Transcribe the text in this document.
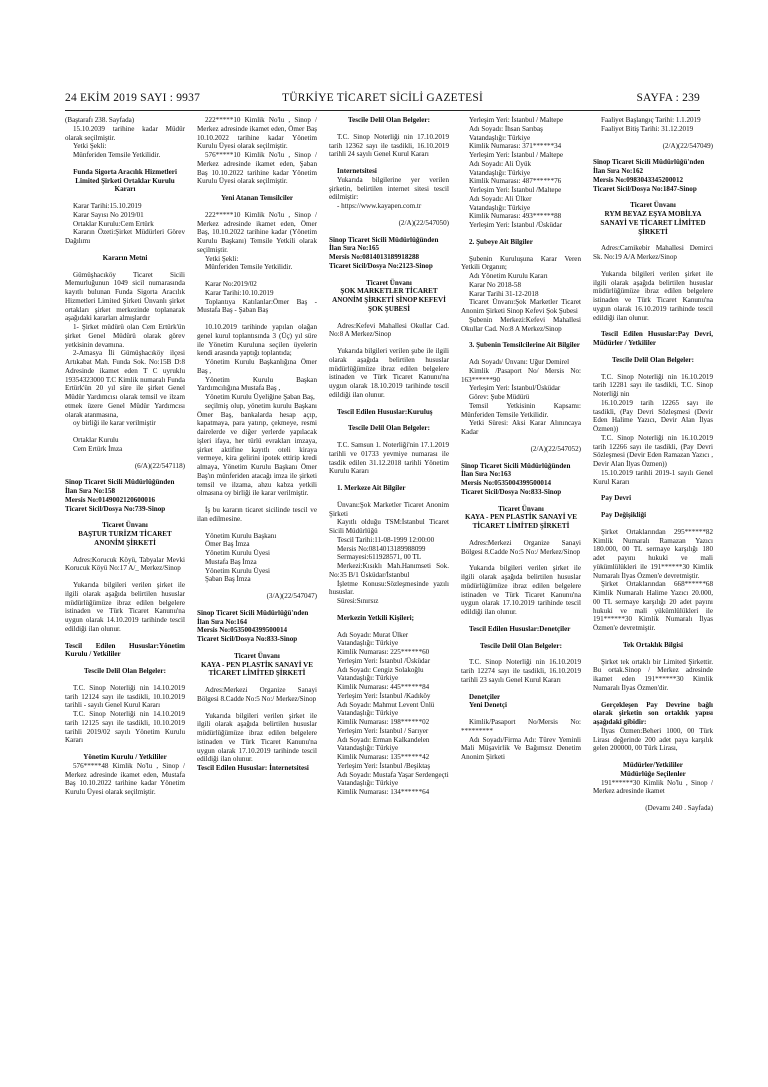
24 EKİM 2019 SAYI : 9937	TÜRKİYE TİCARET SİCİLİ GAZETESİ	SAYFA : 239
(Baştarafı 238. Sayfada)
15.10.2039 tarihine kadar Müdür olarak seçilmiştir.
Yetki Şekli:
Münferiden Temsile Yetkilidir.
Funda Sigorta Aracılık Hizmetleri Limited Şirketi Ortaklar Kurulu Kararı
Karar Tarihi:15.10.2019
Karar Sayısı No 2019/01
Ortaklar Kurulu:Cem Ertürk
Kararın Özeti:Şirket Müdürleri Görev Dağılımı
Kararın Metni
Gümüşhacıköy Ticaret Sicili Memurluğunun 1049 sicil numarasında kayıtlı bulunan Funda Sigorta Aracılık Hizmetleri Limited Şirketi Ünvanlı şirket ortakları şirket merkezinde toplanarak aşağıdaki kararları almışlardır
1- Şirket müdürü olan Cem Ertürk'ün şirket Genel Müdürü olarak görev yetkisinin devamına.
2-Amasya İli Gümüşhacıköy ilçesi Artıkabat Mah. Funda Sok. No:15B D:8 Adresinde ikamet eden T C uyruklu 19354323000 T.C Kimlik numaralı Funda Ertürk'ün 20 yıl süre ile şirket Genel Müdür Yardımcısı olarak temsil ve ilzam etmek üzere Genel Müdür Yardımcısı olarak atanmasına,
oy birliği ile karar verilmiştir
Ortaklar Kurulu
Cem Ertürk İmza
(6/A)(22/547118)
Sinop Ticaret Sicili Müdürlüğünden
İlan Sıra No:158
Mersis No:0149002120600016
Ticaret Sicil/Dosya No:739-Sinop
Ticaret Ünvanı
BAŞTUR TURİZM TİCARET ANONİM ŞİRKETİ
Adres:Korucuk Köyü, Tabyalar Mevki Korucuk Köyü No:17 A/_ Merkez/Sinop
Yukarıda bilgileri verilen şirket ile ilgili olarak aşağıda belirtilen hususlar müdürlüğümüze ibraz edilen belgelere istinaden ve Türk Ticaret Kanunu'na uygun olarak 14.10.2019 tarihinde tescil edildiği ilan olunur.
Tescil Edilen Hususlar:Yönetim Kurulu / Yetkililer
Tescile Delil Olan Belgeler:
T.C. Sinop Noterliği nin 14.10.2019 tarih 12124 sayı ile tasdikli, 10.10.2019 tarihli - sayılı Genel Kurul Kararı
T.C. Sinop Noterliği nin 14.10.2019 tarih 12125 sayı ile tasdikli, 10.10.2019 tarihli 2019/02 sayılı Yönetim Kurulu Kararı
Yönetim Kurulu / Yetkililer
576*****48 Kimlik No'lu , Sinop / Merkez adresinde ikamet eden, Mustafa Baş 10.10.2022 tarihine kadar Yönetim Kurulu Üyesi olarak seçilmiştir.
222*****10 Kimlik No'lu , Sinop / Merkez adresinde ikamet eden, Ömer Baş 10.10.2022 tarihine kadar Yönetim Kurulu Üyesi olarak seçilmiştir.
576*****10 Kimlik No'lu , Sinop / Merkez adresinde ikamet eden, Şaban Baş 10.10.2022 tarihine kadar Yönetim Kurulu Üyesi olarak seçilmiştir.
Yeni Atanan Temsilciler
222*****10 Kimlik No'lu , Sinop / Merkez adresinde ikamet eden, Ömer Baş, 10.10.2022 tarihine kadar (Yönetim Kurulu Başkanı) Temsile Yetkili olarak seçilmiştir.
Yetki Şekli:
Münferiden Temsile Yetkilidir.
Karar No:2019/02
Karar Tarihi:10.10.2019
Toplantıya Katılanlar:Ömer Baş - Mustafa Baş - Şaban Baş
10.10.2019 tarihinde yapılan olağan genel kurul toplantısında 3 (Üç) yıl süre ile Yönetim Kuruluna seçilen üyelerin kendi arasında yaptığı toplantıda;
Yönetim Kurulu Başkanlığına Ömer Baş ,
Yönetim Kurulu Başkan Yardımcılığına Mustafa Baş ,
Yönetim Kurulu Üyeliğine Şaban Baş,
seçilmiş olup, yönetim kurulu Başkanı Ömer Baş, bankalarda hesap açıp, kapatmaya, para yatırıp, çekmeye, resmi dairelerde ve diğer yerlerde yapılacak işleri ifaya, her türlü evrakları imzaya, şirket aktifine kayıtlı oteli kiraya vermeye, kira gelirini ipotek ettirip kredi almaya, Yönetim Kurulu Başkanı Ömer Baş'ın münferiden atacağı imza ile şirketi temsil ve ilzama, ahzu kabza yetkili olmasına oy birliği ile karar verilmiştir.
İş bu kararın ticaret sicilinde tescil ve ilan edilmesine.
Yönetim Kurulu Başkanı
Ömer Baş İmza
Yönetim Kurulu Üyesi
Mustafa Baş İmza
Yönetim Kurulu Üyesi
Şaban Baş İmza
(3/A)(22/547047)
Sinop Ticaret Sicili Müdürlüğü'nden
İlan Sıra No:164
Mersis No:0535004399500014
Ticaret Sicil/Dosya No:833-Sinop
Ticaret Ünvanı
KAYA - PEN PLASTİK SANAYİ VE TİCARET LİMİTED ŞİRKETİ
Adres:Merkezi Organize Sanayi Bölgesi 8.Cadde No:5 No:/ Merkez/Sinop
Yukarıda bilgileri verilen şirket ile ilgili olarak aşağıda belirtilen hususlar müdürlüğümüze ibraz edilen belgelere istinaden ve Türk Ticaret Kanunu'na uygun olarak 17.10.2019 tarihinde tescil edildiği ilan olunur.
Tescil Edilen Hususlar: İnternetsitesi
Tescile Delil Olan Belgeler:
T.C. Sinop Noterliği nin 17.10.2019 tarih 12362 sayı ile tasdikli, 16.10.2019 tarihli 24 sayılı Genel Kurul Kararı
Internetsitesi
Yukarıda bilgilerine yer verilen şirketin, belirtilen internet sitesi tescil edilmiştir:
- https://www.kayapen.com.tr
(2/A)(22/547050)
Sinop Ticaret Sicili Müdürlüğünden
İlan Sıra No:165
Mersis No:0814013189918288
Ticaret Sicil/Dosya No:2123-Sinop
Ticaret Ünvanı
ŞOK MARKETLER TİCARET ANONİM ŞİRKETİ SİNOP KEFEVİ ŞOK ŞUBESİ
Adres:Kefevi Mahallesi Okullar Cad. No:8 A Merkez/Sinop
Yukarıda bilgileri verilen şube ile ilgili olarak aşağıda belirtilen hususlar müdürlüğümüze ibraz edilen belgelere istinaden ve Türk Ticaret Kanunu'na uygun olarak 18.10.2019 tarihinde tescil edildiği ilan olunur.
Tescil Edilen Hususlar:Kuruluş
Tescile Delil Olan Belgeler:
T.C. Samsun 1. Noterliği'nin 17.1.2019 tarihli ve 01733 yevmiye numarası ile tasdik edilen 31.12.2018 tarihli Yönetim Kurulu Kararı
1. Merkeze Ait Bilgiler
Ünvanı:Şok Marketler Ticaret Anonim Şirketi
Kayıtlı olduğu TSM:İstanbul Ticaret Sicili Müdürlüğü
Tescil Tarihi:11-08-1999 12:00:00
Mersis No:0814013189988099
Sermayesi:611928571, 00 TL
Merkezi:Kısıklı Mah.Hanımseti Sok. No:35 B/1 Üsküdar/İstanbul
İşletme Konusu:Sözleşmesinde yazılı hususlar.
Süresi:Sınırsız
Merkezin Yetkili Kişileri;
Adı Soyadı: Murat Ülker
Vatandaşlığı: Türkiye
Kimlik Numarası: 225******60
Yerleşim Yeri: İstanbul /Üsküdar
Adı Soyadı: Cengiz Solakoğlu
Vatandaşlığı: Türkiye
Kimlik Numarası: 445******84
Yerleşim Yeri: İstanbul /Kadıköy
Adı Soyadı: Mahmut Levent Ünlü
Vatandaşlığı: Türkiye
Kimlik Numarası: 198******02
Yerleşim Yeri: İstanbul / Sarıyer
Adı Soyadı: Erman Kalkandelen
Vatandaşlığı: Türkiye
Kimlik Numarası: 135******42
Yerleşim Yeri: İstanbul /Beşiktaş
Adı Soyadı: Mustafa Yaşar Serdengeçti
Vatandaşlığı: Türkiye
Kimlik Numarası: 134******64
Yerleşim Yeri: İstanbul / Maltepe
Adı Soyadı: İhsan Sarıbaş
Vatandaşlığı: Türkiye
Kimlik Numarası: 371******34
Yerleşim Yeri: İstanbul / Maltepe
Adı Soyadı: Ali Üyük
Vatandaşlığı: Türkiye
Kimlik Numarası: 487******76
Yerleşim Yeri: İstanbul /Maltepe
Adı Soyadı: Ali Ülker
Vatandaşlığı: Türkiye
Kimlik Numarası: 493******88
Yerleşim Yeri: İstanbul /Üsküdar
2. Şubeye Ait Bilgiler
Şubenin Kuruluşuna Karar Veren Yetkili Organın;
Adı Yönetim Kurulu Kararı
Karar No 2018-58
Karar Tarihi 31-12-2018
Ticaret Ünvanı:Şok Marketler Ticaret Anonim Şirketi Sinop Kefevi Şok Şubesi
Şubenin Merkezi:Kefevi Mahallesi Okullar Cad. No:8 A Merkez/Sinop
3. Şubenin Temsilcilerine Ait Bilgiler
Adı Soyadı/ Ünvanı: Uğur Demirel
Kimlik /Pasaport No/ Mersis No: 163******90
Yerleşim Yeri: İstanbul/Üsküdar
Görev: Şube Müdürü
Temsil Yetkisinin Kapsamı: Münferiden Temsile Yetkilidir.
Yetki Süresi: Aksi Karar Alınıncaya Kadar
(2/A)(22/547052)
Sinop Ticaret Sicili Müdürlüğünden
İlan Sıra No:163
Mersis No:0535004399500014
Ticaret Sicil/Dosya No:833-Sinop
Ticaret Ünvanı
KAYA - PEN PLASTİK SANAYİ VE TİCARET LİMİTED ŞİRKETİ
Adres:Merkezi Organize Sanayi Bölgesi 8.Cadde No:5 No:/ Merkez/Sinop
Yukarıda bilgileri verilen şirket ile ilgili olarak aşağıda belirtilen hususlar müdürlüğümüze ibraz edilen belgelere istinaden ve Türk Ticaret Kanunu'na uygun olarak 17.10.2019 tarihinde tescil edildiği ilan olunur.
Tescil Edilen Hususlar:Denetçiler
Tescile Delil Olan Belgeler:
T.C. Sinop Noterliği nin 16.10.2019 tarih 12274 sayı ile tasdikli, 16.10.2019 tarihli 23 sayılı Genel Kurul Kararı
Denetçiler
Yeni Denetçi
Kimlik/Pasaport No/Mersis No: *********
Adı Soyadı/Firma Adı: Türev Yeminli Mali Müşavirlik Ve Bağımsız Denetim Anonim Şirketi
Faaliyet Başlangıç Tarihi: 1.1.2019
Faaliyet Bitiş Tarihi: 31.12.2019
(2/A)(22/547049)
Sinop Ticaret Sicili Müdürlüğü'nden
İlan Sıra No:162
Mersis No:0983043345200012
Ticaret Sicil/Dosya No:1847-Sinop
Ticaret Ünvanı
RYM BEYAZ EŞYA MOBİLYA SANAYİ VE TİCARET LİMİTED ŞİRKETİ
Adres:Camikebir Mahallesi Demirci Sk. No:19 A/A Merkez/Sinop
Yukarıda bilgileri verilen şirket ile ilgili olarak aşağıda belirtilen hususlar müdürlüğümüze ibraz edilen belgelere istinaden ve Türk Ticaret Kanunu'na uygun olarak 16.10.2019 tarihinde tescil edildiği ilan olunur.
Tescil Edilen Hususlar:Pay Devri, Müdürler / Yetkililer
Tescile Delil Olan Belgeler:
T.C. Sinop Noterliği nin 16.10.2019 tarih 12281 sayı ile tasdikli, T.C. Sinop Noterliği nin
16.10.2019 tarih 12265 sayı ile tasdikli, (Pay Devri Sözleşmesi (Devir Eden Halime Yazıcı, Devir Alan İlyas Özmen))
T.C. Sinop Noterliği nin 16.10.2019 tarih 12266 sayı ile tasdikli, (Pay Devri Sözleşmesi (Devir Eden Ramazan Yazıcı , Devir Alan İlyas Özmen))
15.10.2019 tarihli 2019-1 sayılı Genel Kurul Kararı
Pay Devri
Pay Değişikliği
Şirket Ortaklarından 295******82 Kimlik Numaralı Ramazan Yazıcı 180.000, 00 TL sermaye karşılığı 180 adet payını hukuki ve mali yükümlülükleri ile 191******30 Kimlik Numaralı İlyas Özmen'e devretmiştir.
Şirket Ortaklarından 668******68 Kimlik Numaralı Halime Yazıcı 20.000, 00 TL sermaye karşılığı 20 adet payını hukuki ve mali yükümlülükleri ile 191******30 Kimlik Numaralı İlyas Özmen'e devretmiştir.
Tek Ortaklık Bilgisi
Şirket tek ortaklı bir Limited Şirkettir. Bu ortak.Sinop / Merkez adresinde ikamet eden 191******30 Kimlik Numaralı İlyas Özmen'dir.
Gerçekleşen Pay Devrine bağlı olarak şirketin son ortaklık yapısı aşağıdaki gibidir:
İlyas Özmen:Beheri 1000, 00 Türk Lirası değerinde 200 adet paya karşılık gelen 200000, 00 Türk Lirası,
Müdürler/Yetkililer
Müdürlüğe Seçilenler
191******30 Kimlik No'lu , Sinop / Merkez adresinde ikamet
(Devamı 240 . Sayfada)
